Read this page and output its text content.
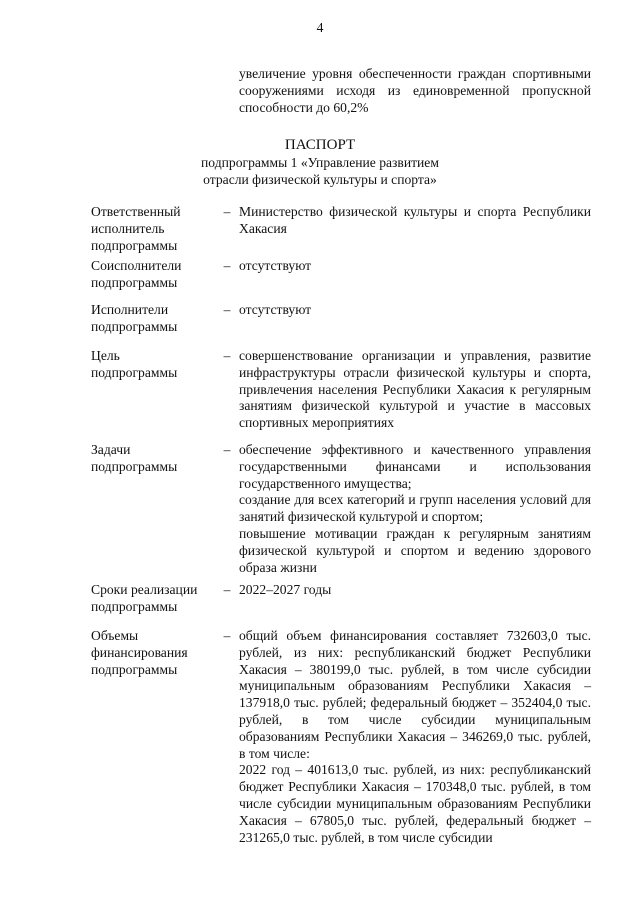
4
увеличение уровня обеспеченности граждан спортивными сооружениями исходя из единовременной пропускной способности до 60,2%
ПАСПОРТ
подпрограммы 1 «Управление развитием
отрасли физической культуры и спорта»
Ответственный
исполнитель
подпрограммы
– Министерство физической культуры и спорта Республики Хакасия

Соисполнители
подпрограммы
– отсутствуют

Исполнители
подпрограммы
– отсутствуют

Цель
подпрограммы
– совершенствование организации и управления, развитие инфраструктуры отрасли физической культуры и спорта, привлечения населения Республики Хакасия к регулярным занятиям физической культурой и участие в массовых спортивных мероприятиях

Задачи
подпрограммы
– обеспечение эффективного и качественного управления государственными финансами и использования государственного имущества;

создание для всех категорий и групп населения условий для занятий физической культурой и спортом;

повышение мотивации граждан к регулярным занятиям физической культурой и спортом и ведению здорового образа жизни

Сроки реализации
подпрограммы
– 2022–2027 годы

Объемы
финансирования
подпрограммы
– общий объем финансирования составляет 732603,0 тыс. рублей, из них: республиканский бюджет Республики Хакасия – 380199,0 тыс. рублей, в том числе субсидии муниципальным образованиям Республики Хакасия – 137918,0 тыс. рублей; федеральный бюджет – 352404,0 тыс. рублей, в том числе субсидии муниципальным образованиям Республики Хакасия – 346269,0 тыс. рублей, в том числе:

2022 год – 401613,0 тыс. рублей, из них: республиканский бюджет Республики Хакасия – 170348,0 тыс. рублей, в том числе субсидии муниципальным образованиям Республики Хакасия – 67805,0 тыс. рублей, федеральный бюджет – 231265,0 тыс. рублей, в том числе субсидии
